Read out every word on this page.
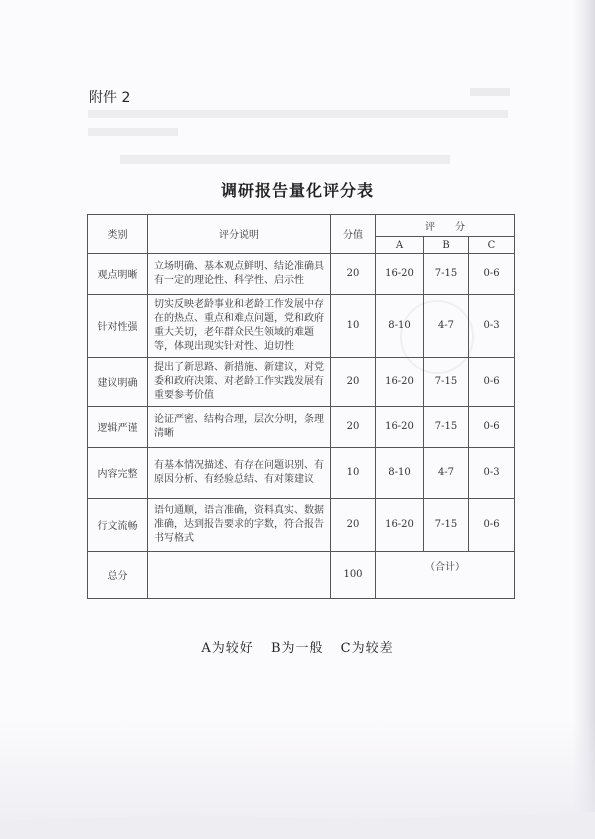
附件 2
调研报告量化评分表
类别	评分说明	分值	评　　分		
			A	B	C
观点明晰	立场明确、基本观点鲜明、结论准确具有一定的理论性、科学性、启示性	20	16-20	7-15	0-6
针对性强	切实反映老龄事业和老龄工作发展中存在的热点、重点和难点问题，党和政府重大关切，老年群众民生领域的难题等，体现出现实针对性、迫切性	10	8-10	4-7	0-3
建议明确	提出了新思路、新措施、新建议，对党委和政府决策、对老龄工作实践发展有重要参考价值	20	16-20	7-15	0-6
逻辑严谨	论证严密、结构合理，层次分明，条理清晰	20	16-20	7-15	0-6
内容完整	有基本情况描述、有存在问题识别、有原因分析、有经验总结、有对策建议	10	8-10	4-7	0-3
行文流畅	语句通顺，语言准确，资料真实、数据准确，达到报告要求的字数，符合报告书写格式	20	16-20	7-15	0-6
总分		100	（合计）		
A为较好 B为一般 C为较差
